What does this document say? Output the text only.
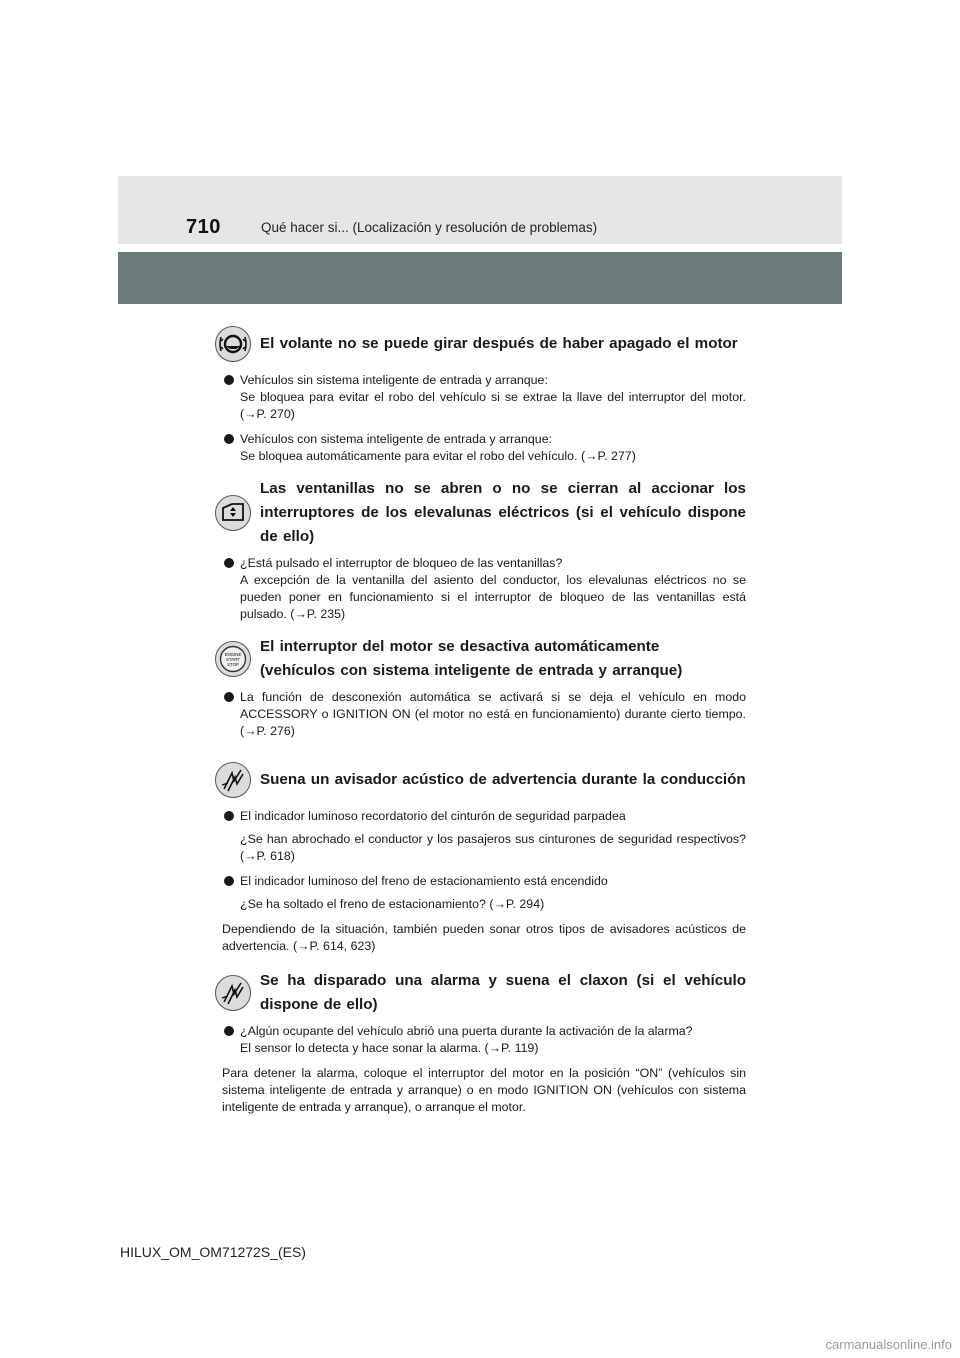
710	Qué hacer si... (Localización y resolución de problemas)
El volante no se puede girar después de haber apagado el motor
Vehículos sin sistema inteligente de entrada y arranque:
Se bloquea para evitar el robo del vehículo si se extrae la llave del interruptor del motor. (→P. 270)
Vehículos con sistema inteligente de entrada y arranque:
Se bloquea automáticamente para evitar el robo del vehículo. (→P. 277)
Las ventanillas no se abren o no se cierran al accionar los interruptores de los elevalunas eléctricos (si el vehículo dispone de ello)
¿Está pulsado el interruptor de bloqueo de las ventanillas?
A excepción de la ventanilla del asiento del conductor, los elevalunas eléctricos no se pueden poner en funcionamiento si el interruptor de bloqueo de las ventanillas está pulsado. (→P. 235)
ENGINE
START
STOP
El interruptor del motor se desactiva automáticamente
(vehículos con sistema inteligente de entrada y arranque)
La función de desconexión automática se activará si se deja el vehículo en modo ACCESSORY o IGNITION ON (el motor no está en funcionamiento) durante cierto tiempo. (→P. 276)
Suena un avisador acústico de advertencia durante la conducción
El indicador luminoso recordatorio del cinturón de seguridad parpadea
¿Se han abrochado el conductor y los pasajeros sus cinturones de seguridad respectivos? (→P. 618)
El indicador luminoso del freno de estacionamiento está encendido
¿Se ha soltado el freno de estacionamiento? (→P. 294)
Dependiendo de la situación, también pueden sonar otros tipos de avisadores acústicos de advertencia. (→P. 614, 623)
Se ha disparado una alarma y suena el claxon (si el vehículo dispone de ello)
¿Algún ocupante del vehículo abrió una puerta durante la activación de la alarma?
El sensor lo detecta y hace sonar la alarma. (→P. 119)
Para detener la alarma, coloque el interruptor del motor en la posición “ON” (vehículos sin sistema inteligente de entrada y arranque) o en modo IGNITION ON (vehículos con sistema inteligente de entrada y arranque), o arranque el motor.
HILUX_OM_OM71272S_(ES)
carmanualsonline.info
